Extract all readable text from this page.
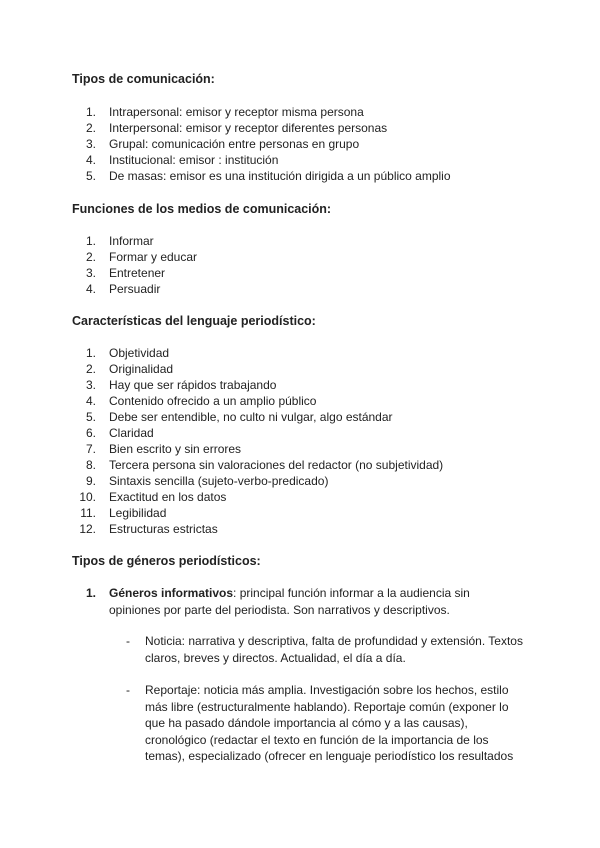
Tipos de comunicación:
1. Intrapersonal: emisor y receptor misma persona
2. Interpersonal: emisor y receptor diferentes personas
3. Grupal: comunicación entre personas en grupo
4. Institucional: emisor : institución
5. De masas: emisor es una institución dirigida a un público amplio
Funciones de los medios de comunicación:
1. Informar
2. Formar y educar
3. Entretener
4. Persuadir
Características del lenguaje periodístico:
1. Objetividad
2. Originalidad
3. Hay que ser rápidos trabajando
4. Contenido ofrecido a un amplio público
5. Debe ser entendible, no culto ni vulgar, algo estándar
6. Claridad
7. Bien escrito y sin errores
8. Tercera persona sin valoraciones del redactor (no subjetividad)
9. Sintaxis sencilla (sujeto-verbo-predicado)
10. Exactitud en los datos
11. Legibilidad
12. Estructuras estrictas
Tipos de géneros periodísticos:
1. Géneros informativos: principal función informar a la audiencia sin
opiniones por parte del periodista. Son narrativos y descriptivos.
- Noticia: narrativa y descriptiva, falta de profundidad y extensión. Textos
claros, breves y directos. Actualidad, el día a día.
- Reportaje: noticia más amplia. Investigación sobre los hechos, estilo
más libre (estructuralmente hablando). Reportaje común (exponer lo
que ha pasado dándole importancia al cómo y a las causas),
cronológico (redactar el texto en función de la importancia de los
temas), especializado (ofrecer en lenguaje periodístico los resultados
